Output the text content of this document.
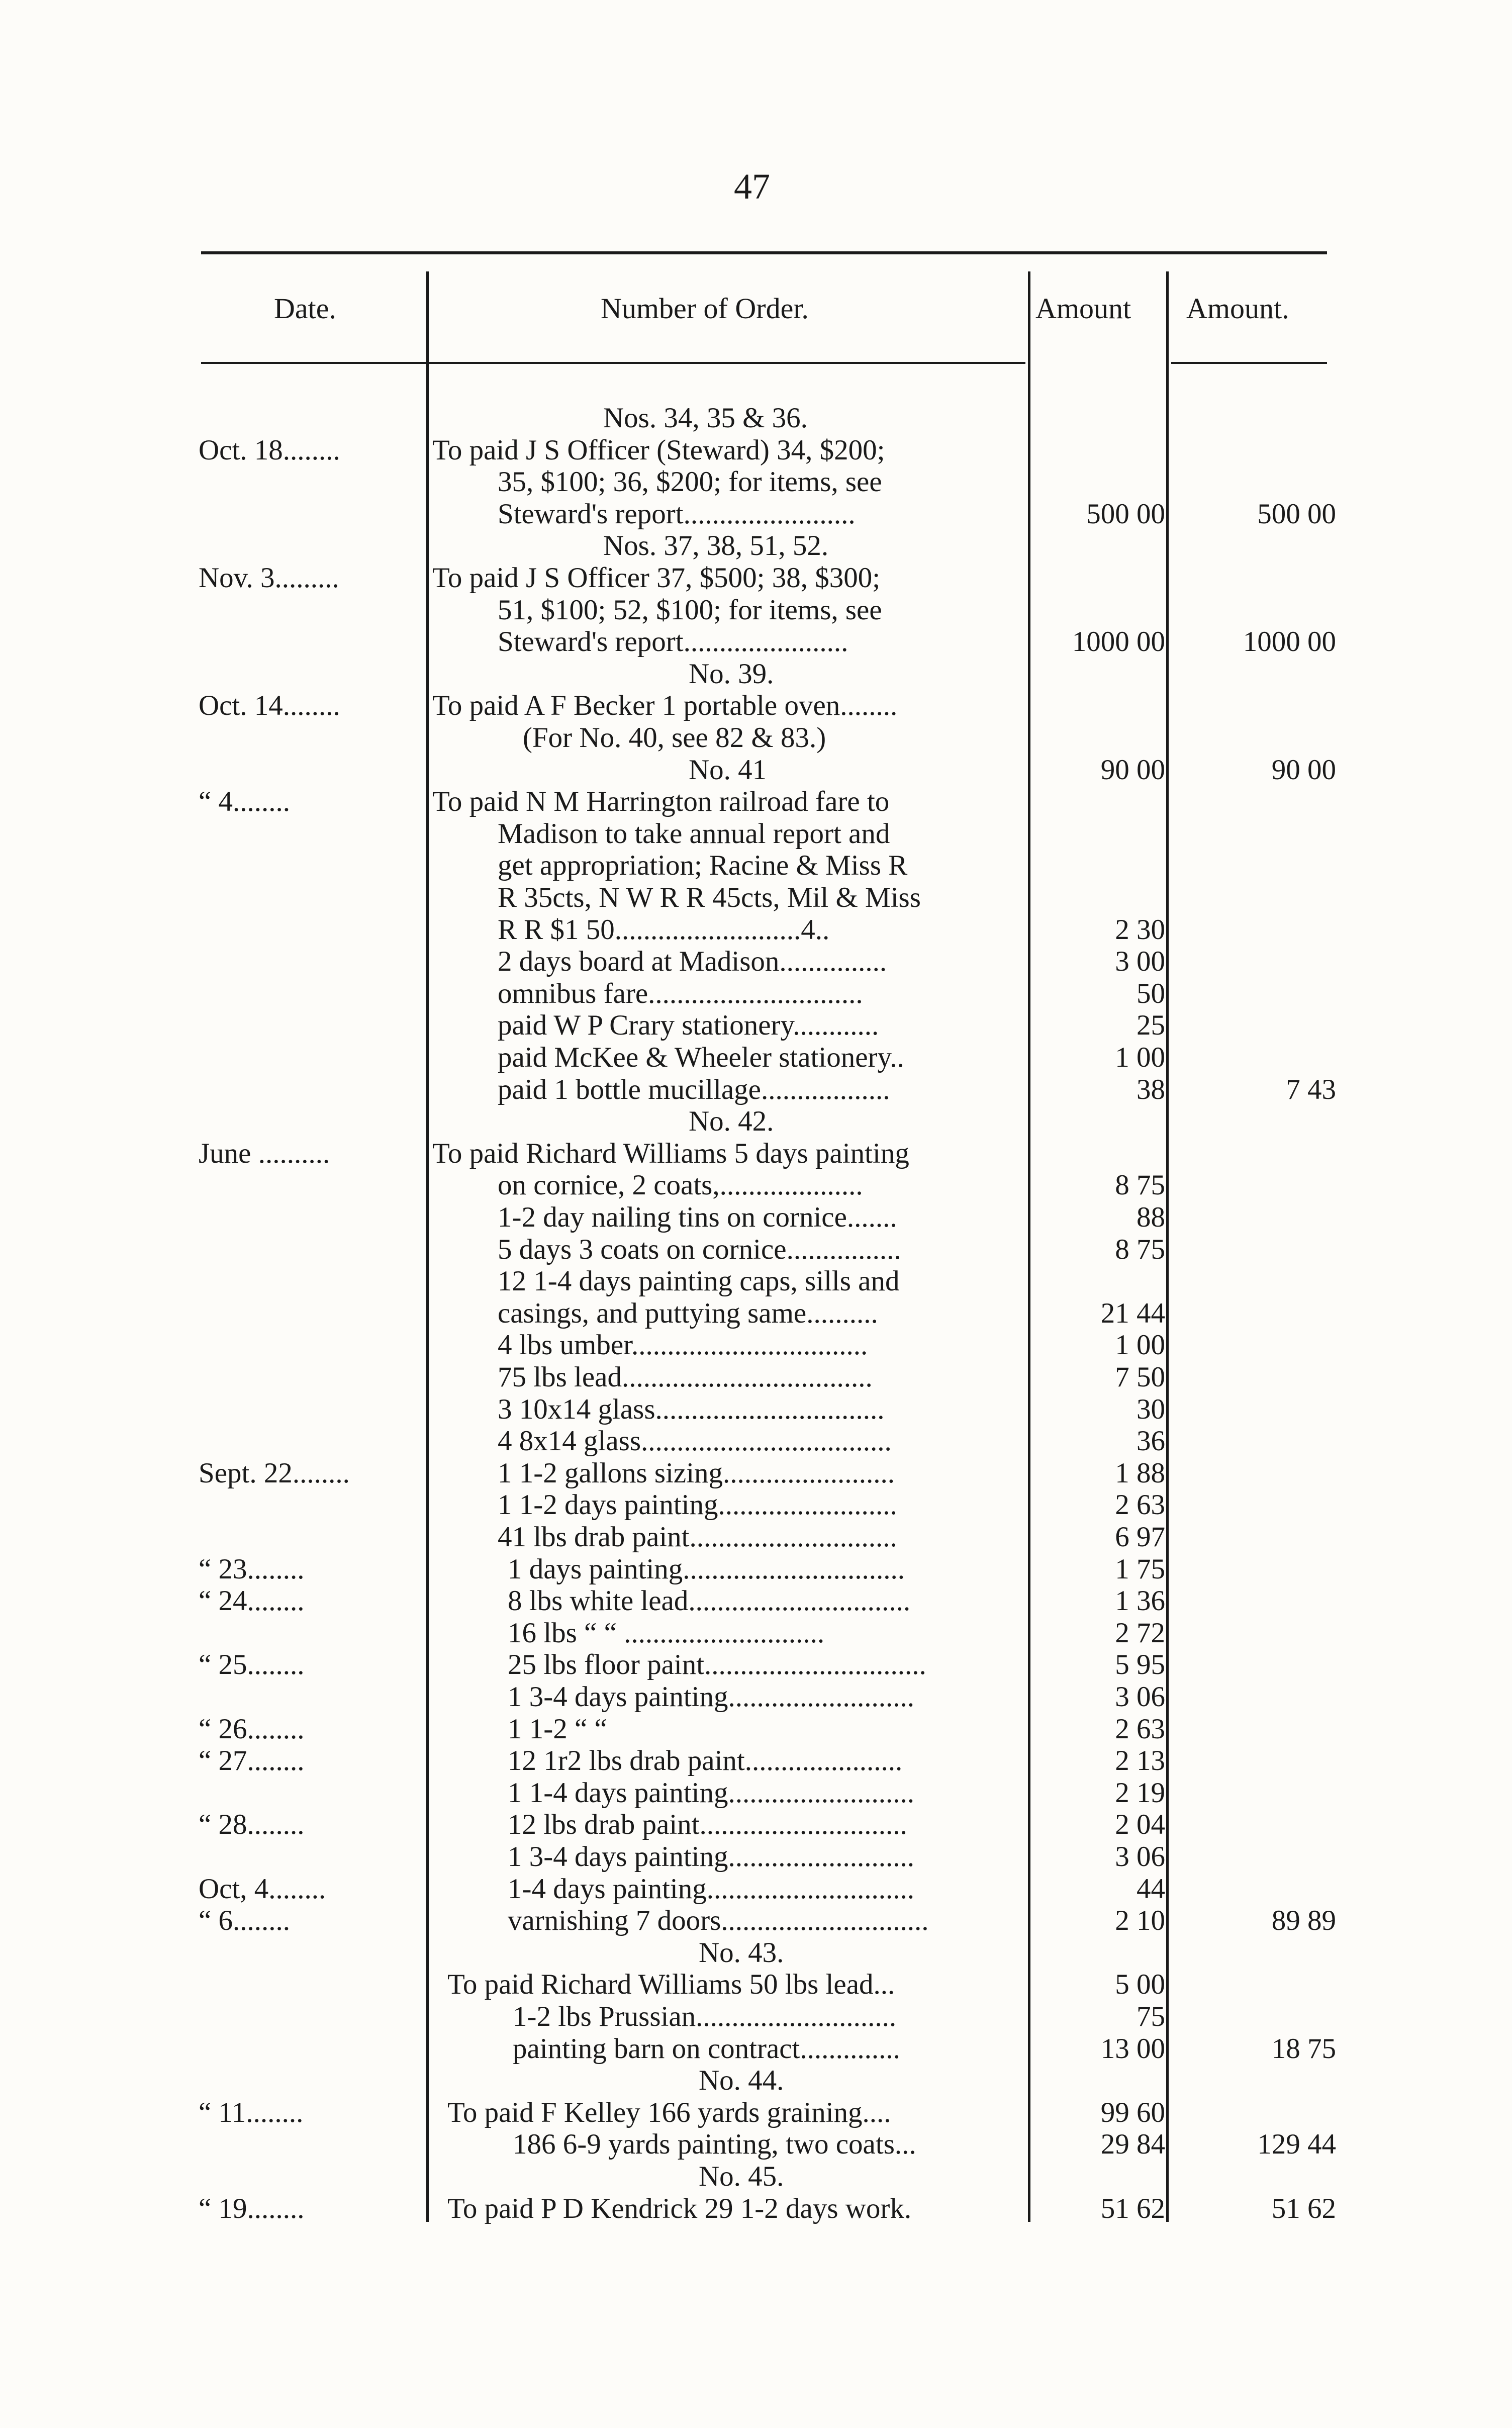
47
Date.	Number of Order.	Amount Amount.
Nos. 34, 35 & 36.
Oct. 18........	To paid J S Officer (Steward) 34, $200;
35, $100; 36, $200; for items, see
Steward's report........................	500 00	500 00
Nos. 37, 38, 51, 52.
Nov. 3.........	To paid J S Officer 37, $500; 38, $300;
51, $100; 52, $100; for items, see
Steward's report.......................	1000 00	1000 00
No. 39.
Oct. 14........	To paid A F Becker 1 portable oven........
(For No. 40, see 82 & 83.)
No. 41	90 00	90 00
“ 4........	To paid N M Harrington railroad fare to
Madison to take annual report and
get appropriation; Racine & Miss R
R 35cts, N W R R 45cts, Mil & Miss
R R $1 50..........................4..	2 30
2 days board at Madison...............	3 00
omnibus fare..............................	50
paid W P Crary stationery............	25
paid McKee & Wheeler stationery..	1 00
paid 1 bottle mucillage..................	38	7 43
No. 42.
June ..........	To paid Richard Williams 5 days painting
on cornice, 2 coats,....................	8 75
1-2 day nailing tins on cornice.......	88
5 days 3 coats on cornice................	8 75
12 1-4 days painting caps, sills and
casings, and puttying same..........	21 44
4 lbs umber.................................	1 00
75 lbs lead...................................	7 50
3 10x14 glass................................	30
4 8x14 glass...................................	36
Sept. 22........	1 1-2 gallons sizing........................	1 88
1 1-2 days painting.........................	2 63
41 lbs drab paint.............................	6 97
“ 23........	1 days painting...............................	1 75
“ 24........	8 lbs white lead...............................	1 36
16 lbs “ “ ............................	2 72
“ 25........	25 lbs floor paint...............................	5 95
1 3-4 days painting..........................	3 06
“ 26........	1 1-2 “ “	2 63
“ 27........	12 1r2 lbs drab paint......................	2 13
1 1-4 days painting..........................	2 19
“ 28........	12 lbs drab paint.............................	2 04
1 3-4 days painting..........................	3 06
Oct, 4........	1-4 days painting.............................	44
“ 6........	varnishing 7 doors.............................	2 10	89 89
No. 43.
To paid Richard Williams 50 lbs lead...	5 00
1-2 lbs Prussian............................	75
painting barn on contract..............	13 00	18 75
No. 44.
“ 11........	To paid F Kelley 166 yards graining....	99 60
186 6-9 yards painting, two coats...	29 84	129 44
No. 45.
“ 19........	To paid P D Kendrick 29 1-2 days work.	51 62	51 62
